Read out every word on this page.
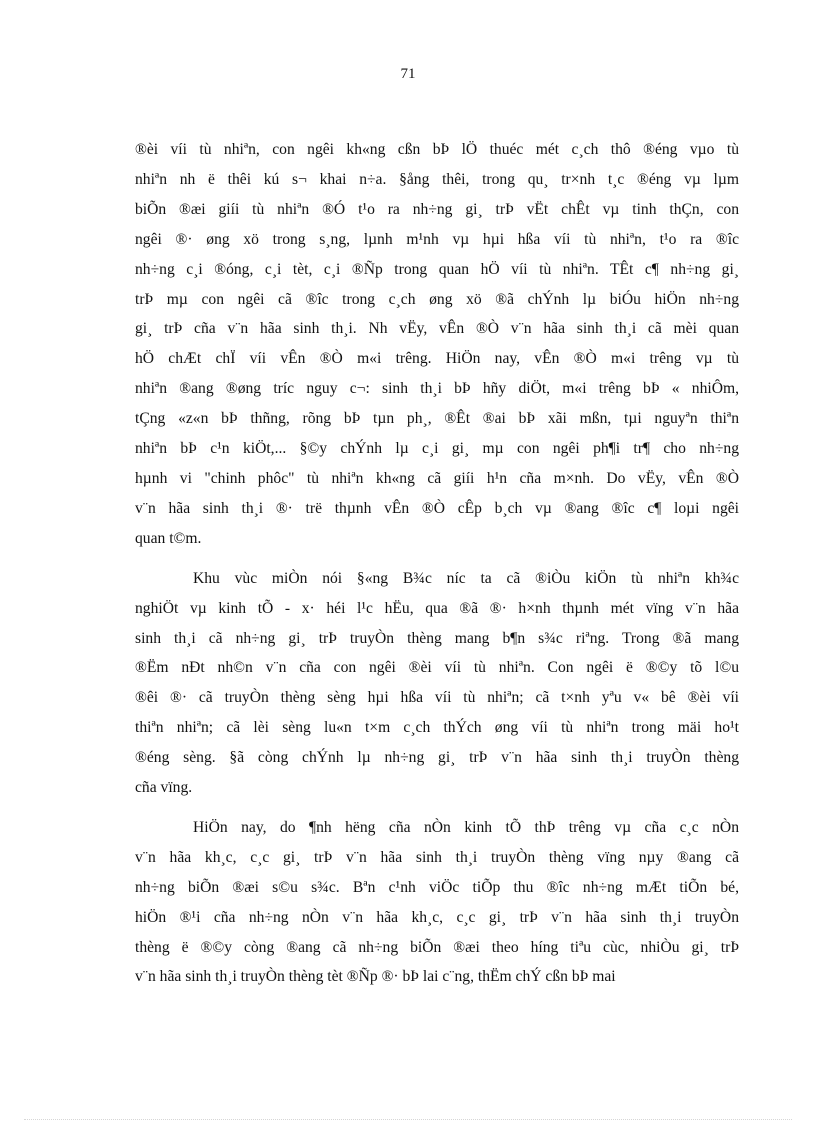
71
®èi víi tù nhiªn, con ngêi kh«ng cßn bÞ lÖ thuéc mét c¸ch thô ®éng vµo tù
nhiªn nh ë thêi kú s¬ khai n÷a. §ång thêi, trong qu¸ tr×nh t¸c ®éng vµ lµm
biÕn ®æi giíi tù nhiªn ®Ó t¹o ra nh÷ng gi¸ trÞ vËt chÊt vµ tinh thÇn, con
ngêi ®· øng xö trong s¸ng, lµnh m¹nh vµ hµi hßa víi tù nhiªn, t¹o ra ®îc
nh÷ng c¸i ®óng, c¸i tèt, c¸i ®Ñp trong quan hÖ víi tù nhiªn. TÊt c¶ nh÷ng gi¸
trÞ mµ con ngêi cã ®îc trong c¸ch øng xö ®ã chÝnh lµ biÓu hiÖn nh÷ng
gi¸ trÞ cña v¨n hãa sinh th¸i. Nh vËy, vÊn ®Ò v¨n hãa sinh th¸i cã mèi quan
hÖ chÆt chÏ víi vÊn ®Ò m«i trêng. HiÖn nay, vÊn ®Ò m«i trêng vµ tù
nhiªn ®ang ®øng tríc nguy c¬: sinh th¸i bÞ hñy diÖt, m«i trêng bÞ « nhiÔm,
tÇng «z«n bÞ thñng, rõng bÞ tµn ph¸, ®Êt ®ai bÞ xãi mßn, tµi nguyªn thiªn
nhiªn bÞ c¹n kiÖt,... §©y chÝnh lµ c¸i gi¸ mµ con ngêi ph¶i tr¶ cho nh÷ng
hµnh vi "chinh phôc" tù nhiªn kh«ng cã giíi h¹n cña m×nh. Do vËy, vÊn ®Ò
v¨n hãa sinh th¸i ®· trë thµnh vÊn ®Ò cÊp b¸ch vµ ®ang ®îc c¶ loµi ngêi
quan t©m.
Khu vùc miÒn nói §«ng B¾c níc ta cã ®iÒu kiÖn tù nhiªn kh¾c
nghiÖt vµ kinh tÕ - x· héi l¹c hËu, qua ®ã ®· h×nh thµnh mét vïng v¨n hãa
sinh th¸i cã nh÷ng gi¸ trÞ truyÒn thèng mang b¶n s¾c riªng. Trong ®ã mang
®Ëm nÐt nh©n v¨n cña con ngêi ®èi víi tù nhiªn. Con ngêi ë ®©y tõ l©u
®êi ®· cã truyÒn thèng sèng hµi hßa víi tù nhiªn; cã t×nh yªu v« bê ®èi víi
thiªn nhiªn; cã lèi sèng lu«n t×m c¸ch thÝch øng víi tù nhiªn trong mäi ho¹t
®éng sèng. §ã còng chÝnh lµ nh÷ng gi¸ trÞ v¨n hãa sinh th¸i truyÒn thèng
cña vïng.
HiÖn nay, do ¶nh hëng cña nÒn kinh tÕ thÞ trêng vµ cña c¸c nÒn
v¨n hãa kh¸c, c¸c gi¸ trÞ v¨n hãa sinh th¸i truyÒn thèng vïng nµy ®ang cã
nh÷ng biÕn ®æi s©u s¾c. Bªn c¹nh viÖc tiÕp thu ®îc nh÷ng mÆt tiÕn bé,
hiÖn ®¹i cña nh÷ng nÒn v¨n hãa kh¸c, c¸c gi¸ trÞ v¨n hãa sinh th¸i truyÒn
thèng ë ®©y còng ®ang cã nh÷ng biÕn ®æi theo híng tiªu cùc, nhiÒu gi¸ trÞ
v¨n hãa sinh th¸i truyÒn thèng tèt ®Ñp ®· bÞ lai c¨ng, thËm chÝ cßn bÞ mai
